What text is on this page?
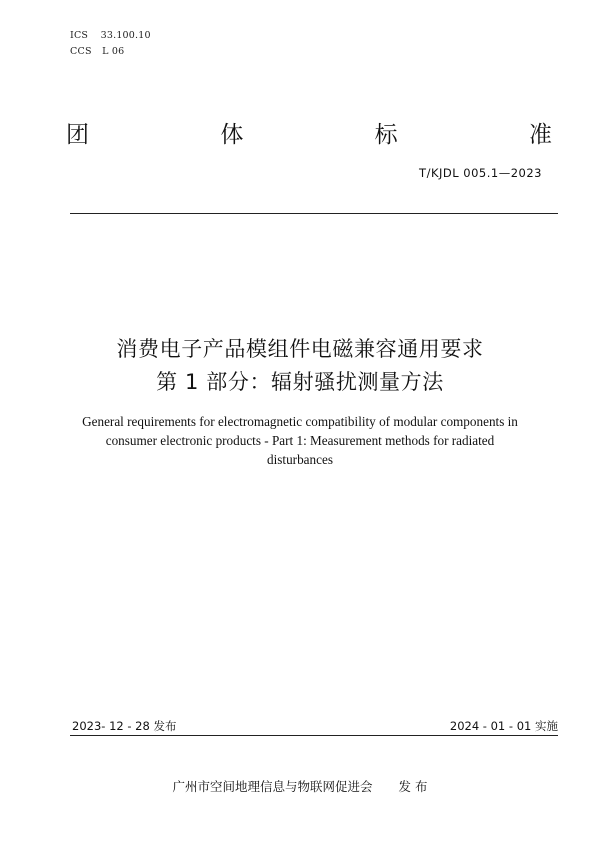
ICS 33.100.10
CCS L 06
团	体	标	准
T/KJDL 005.1—2023
消费电子产品模组件电磁兼容通用要求
第 1 部分：辐射骚扰测量方法
General requirements for electromagnetic compatibility of modular components in
consumer electronic products - Part 1: Measurement methods for radiated
disturbances
2023- 12 - 28 发布	2024 - 01 - 01 实施
广州市空间地理信息与物联网促进会 发 布
